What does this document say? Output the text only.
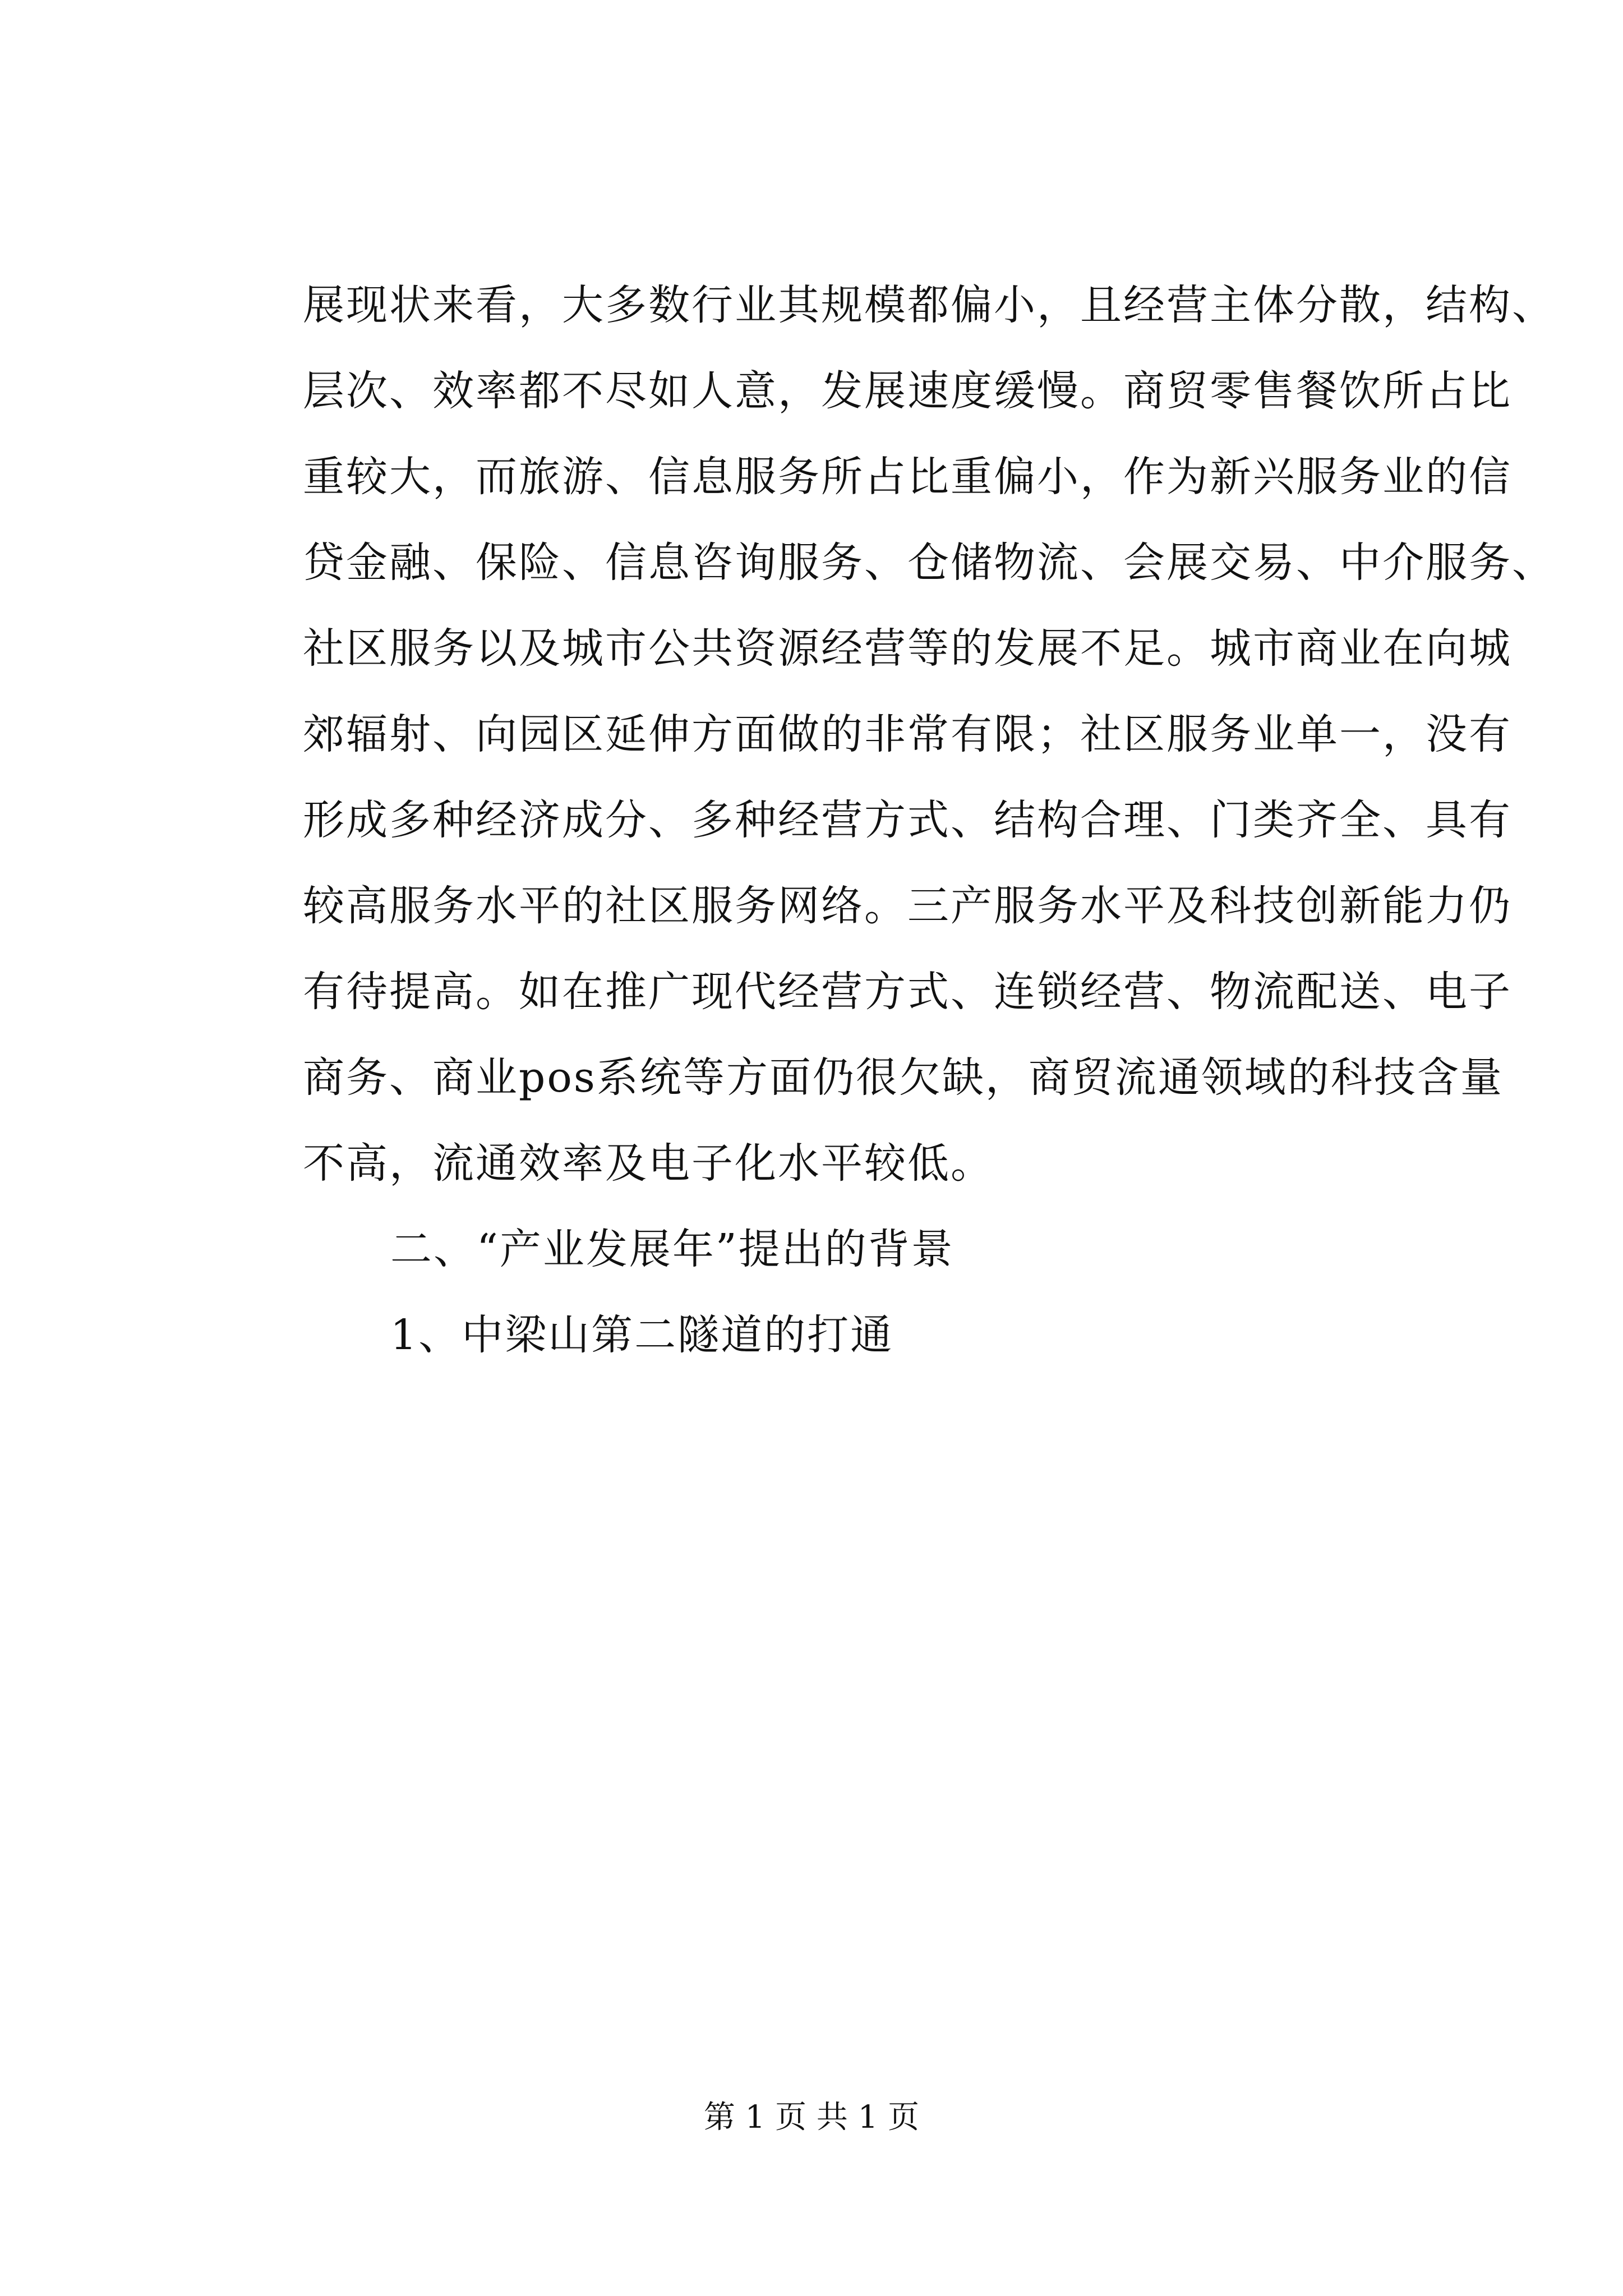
展现状来看，大多数行业其规模都偏小，且经营主体分散，结构、
层次、效率都不尽如人意，发展速度缓慢。商贸零售餐饮所占比
重较大，而旅游、信息服务所占比重偏小，作为新兴服务业的信
贷金融、保险、信息咨询服务、仓储物流、会展交易、中介服务、
社区服务以及城市公共资源经营等的发展不足。城市商业在向城
郊辐射、向园区延伸方面做的非常有限；社区服务业单一，没有
形成多种经济成分、多种经营方式、结构合理、门类齐全、具有
较高服务水平的社区服务网络。三产服务水平及科技创新能力仍
有待提高。如在推广现代经营方式、连锁经营、物流配送、电子
商务、商业pos系统等方面仍很欠缺，商贸流通领域的科技含量
不高，流通效率及电子化水平较低。
二、“产业发展年”提出的背景
1、中梁山第二隧道的打通
第 1 页 共 1 页
